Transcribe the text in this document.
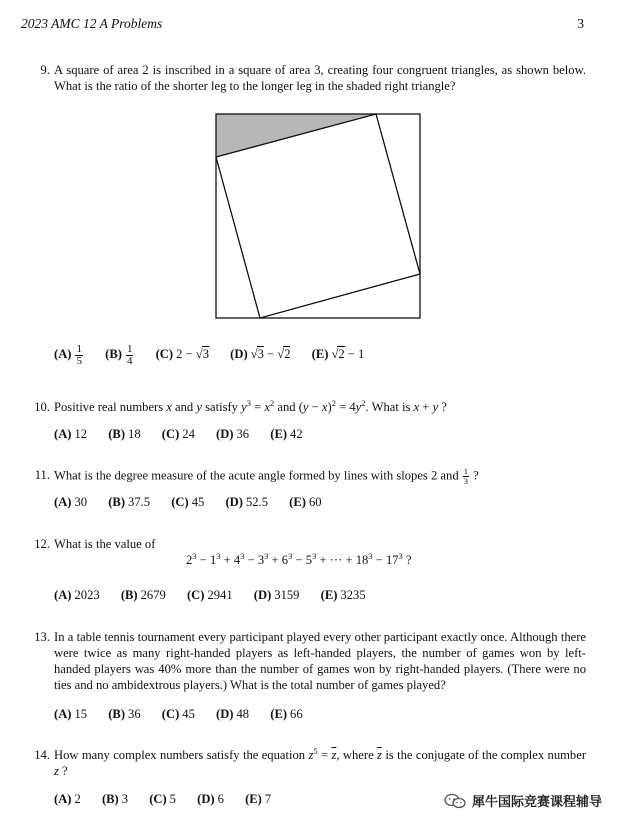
2023 AMC 12 A Problems	3
9. A square of area 2 is inscribed in a square of area 3, creating four congruent triangles, as shown below. What is the ratio of the shorter leg to the longer leg in the shaded right triangle?
$(A) \frac{1}{5} (B) \frac{1}{4} (C) 2 - √3$ (D) √3 − √2 (E) √2 − 1
10. Positive real numbers x and y satisfy $y^3 = x^2$ and $(y - x)^2 = 4y^2$. What is x + y ?
(A) 12 (B) 18 (C) 24 (D) 36 (E) 42
11. What is the degree measure of the acute angle formed by lines with slopes 2 and $\frac{1}{3}$ ?
(A) 30 (B) 37.5 (C) 45 (D) 52.5 (E) 60
12. What is the value of
$2^3 - 1^3 + 4^3 - 3^3 + 6^3 - 5^3$ + ··· + $18^3 - 17^3$ ?
(A) 2023 (B) 2679 (C) 2941 (D) 3159 (E) 3235
13. In a table tennis tournament every participant played every other participant exactly once. Although there were twice as many right-handed players as left-handed players, the number of games won by left-handed players was 40% more than the number of games won by right-handed players. (There were no ties and no ambidextrous players.) What is the total number of games played?
(A) 15 (B) 36 (C) 45 (D) 48 (E) 66
14. How many complex numbers satisfy the equation $z^5 = \overline{z}$, where $\overline{z}$ is the conjugate of the complex number z ?
(A) 2 (B) 3 (C) 5 (D) 6 (E) 7	犀牛国际竞赛课程辅导
